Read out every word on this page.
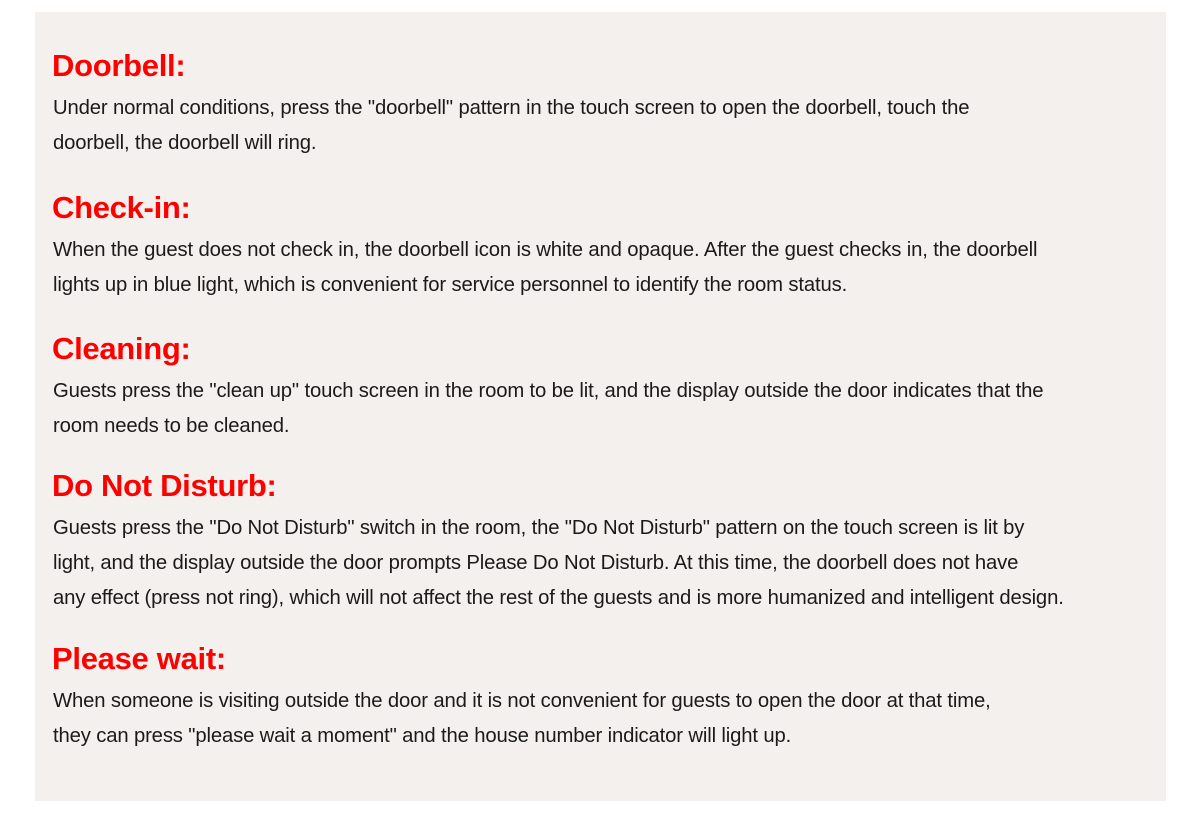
Doorbell:

Under normal conditions, press the "doorbell" pattern in the touch screen to open the doorbell, touch the
doorbell, the doorbell will ring.

Check-in:

When the guest does not check in, the doorbell icon is white and opaque. After the guest checks in, the doorbell
lights up in blue light, which is convenient for service personnel to identify the room status.

Cleaning:

Guests press the "clean up" touch screen in the room to be lit, and the display outside the door indicates that the
room needs to be cleaned.

Do Not Disturb:

Guests press the "Do Not Disturb" switch in the room, the "Do Not Disturb" pattern on the touch screen is lit by
light, and the display outside the door prompts Please Do Not Disturb. At this time, the doorbell does not have
any effect (press not ring), which will not affect the rest of the guests and is more humanized and intelligent design.

Please wait:

When someone is visiting outside the door and it is not convenient for guests to open the door at that time,
they can press "please wait a moment" and the house number indicator will light up.
